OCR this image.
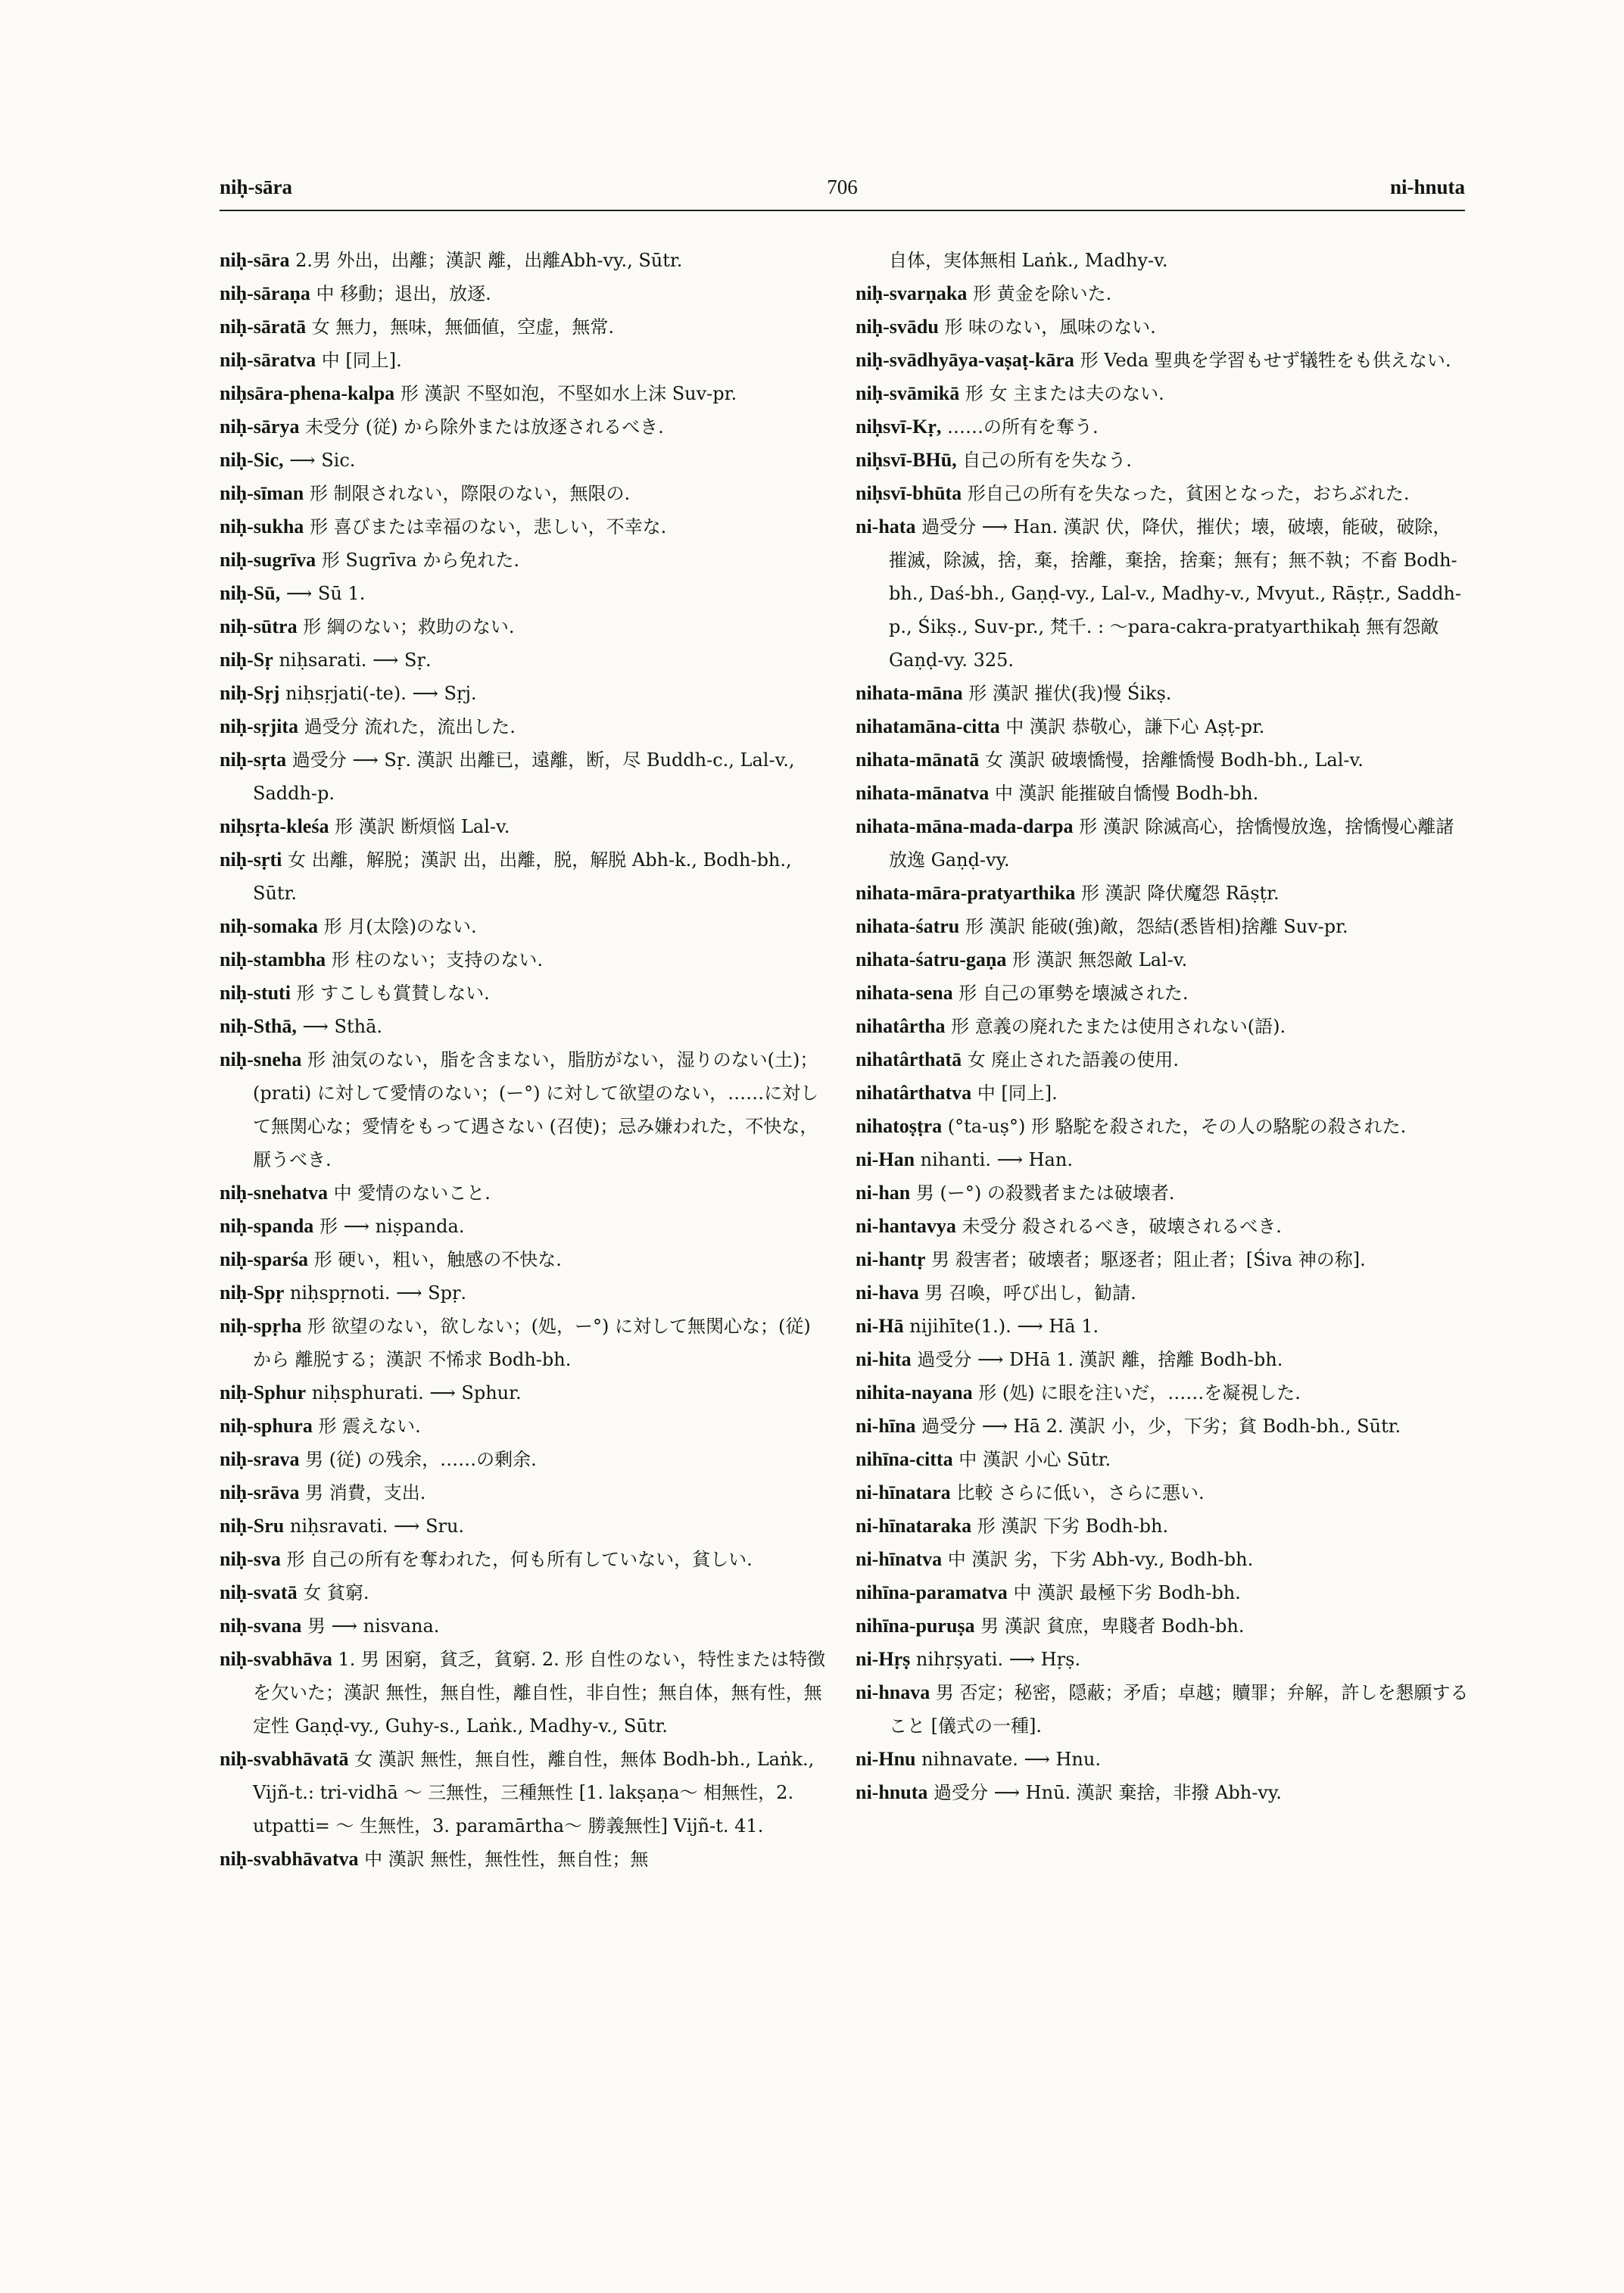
niḥ-sāra	706	ni-hnuta

niḥ-sāra 2.男 外出，出離；漢訳 離，出離Abh-vy., Sūtr.

niḥ-sāraṇa 中 移動；退出，放逐.

niḥ-sāratā 女 無力，無味，無価値，空虚，無常.

niḥ-sāratva 中 [同上].

niḥsāra-phena-kalpa 形 漢訳 不堅如泡，不堅如水上沫 Suv-pr.

niḥ-sārya 未受分 (従) から除外または放逐されるべき.

niḥ-Sic, ⟶ Sic.

niḥ-sīman 形 制限されない，際限のない，無限の.

niḥ-sukha 形 喜びまたは幸福のない，悲しい，不幸な.

niḥ-sugrīva 形 Sugrīva から免れた.

niḥ-Sū, ⟶ Sū 1.

niḥ-sūtra 形 綱のない；救助のない.

niḥ-Sṛ niḥsarati. ⟶ Sṛ.

niḥ-Sṛj niḥsṛjati(-te). ⟶ Sṛj.

niḥ-sṛjita 過受分 流れた，流出した.

niḥ-sṛta 過受分 ⟶ Sṛ. 漢訳 出離已，遠離，断，尽 Buddh-c., Lal-v., Saddh-p.

niḥsṛta-kleśa 形 漢訳 断煩悩 Lal-v.

niḥ-sṛti 女 出離，解脱；漢訳 出，出離，脱，解脱 Abh-k., Bodh-bh., Sūtr.

niḥ-somaka 形 月(太陰)のない.

niḥ-stambha 形 柱のない；支持のない.

niḥ-stuti 形 すこしも賞賛しない.

niḥ-Sthā, ⟶ Sthā.

niḥ-sneha 形 油気のない，脂を含まない，脂肪がない，湿りのない(土)；(prati) に対して愛情のない；(ー°) に対して欲望のない，……に対して無関心な；愛情をもって遇さない (召使)；忌み嫌われた，不快な，厭うべき.

niḥ-snehatva 中 愛情のないこと.

niḥ-spanda 形 ⟶ niṣpanda.

niḥ-sparśa 形 硬い，粗い，触感の不快な.

niḥ-Spṛ niḥspṛnoti. ⟶ Spṛ.

niḥ-spṛha 形 欲望のない，欲しない；(処，ー°) に対して無関心な；(従) から 離脱する；漢訳 不悕求 Bodh-bh.

niḥ-Sphur niḥsphurati. ⟶ Sphur.

niḥ-sphura 形 震えない.

niḥ-srava 男 (従) の残余，……の剰余.

niḥ-srāva 男 消費，支出.

niḥ-Sru niḥsravati. ⟶ Sru.

niḥ-sva 形 自己の所有を奪われた，何も所有していない，貧しい.

niḥ-svatā 女 貧窮.

niḥ-svana 男 ⟶ nisvana.

niḥ-svabhāva 1. 男 困窮，貧乏，貧窮. 2. 形 自性のない，特性または特徴を欠いた；漢訳 無性，無自性，離自性，非自性；無自体，無有性，無定性 Gaṇḍ-vy., Guhy-s., Laṅk., Madhy-v., Sūtr.

niḥ-svabhāvatā 女 漢訳 無性，無自性，離自性，無体 Bodh-bh., Laṅk., Vijñ-t.: tri-vidhā ～ 三無性，三種無性 [1. lakṣaṇa～ 相無性，2. utpatti= ～ 生無性，3. paramārtha～ 勝義無性] Vijñ-t. 41.

niḥ-svabhāvatva 中 漢訳 無性，無性性，無自性；無

自体，実体無相 Laṅk., Madhy-v.

niḥ-svarṇaka 形 黄金を除いた.

niḥ-svādu 形 味のない，風味のない.

niḥ-svādhyāya-vaṣaṭ-kāra 形 Veda 聖典を学習もせず犠牲をも供えない.

niḥ-svāmikā 形 女 主または夫のない.

niḥsvī-Kṛ, ……の所有を奪う.

niḥsvī-BHū, 自己の所有を失なう.

niḥsvī-bhūta 形自己の所有を失なった，貧困となった，おちぶれた.

ni-hata 過受分 ⟶ Han. 漢訳 伏，降伏，摧伏；壊，破壊，能破，破除，摧滅，除滅，捨，棄，捨離，棄捨，捨棄；無有；無不執；不畜 Bodh-bh., Daś-bh., Gaṇḍ-vy., Lal-v., Madhy-v., Mvyut., Rāṣṭr., Saddh-p., Śikṣ., Suv-pr., 梵千. : ～para-cakra-pratyarthikaḥ 無有怨敵 Gaṇḍ-vy. 325.

nihata-māna 形 漢訳 摧伏(我)慢 Śikṣ.

nihatamāna-citta 中 漢訳 恭敬心，謙下心 Aṣṭ-pr.

nihata-mānatā 女 漢訳 破壊憍慢，捨離憍慢 Bodh-bh., Lal-v.

nihata-mānatva 中 漢訳 能摧破自憍慢 Bodh-bh.

nihata-māna-mada-darpa 形 漢訳 除滅高心，捨憍慢放逸，捨憍慢心離諸放逸 Gaṇḍ-vy.

nihata-māra-pratyarthika 形 漢訳 降伏魔怨 Rāṣṭr.

nihata-śatru 形 漢訳 能破(強)敵，怨結(悉皆相)捨離 Suv-pr.

nihata-śatru-gaṇa 形 漢訳 無怨敵 Lal-v.

nihata-sena 形 自己の軍勢を壊滅された.

nihatârtha 形 意義の廃れたまたは使用されない(語).

nihatârthatā 女 廃止された語義の使用.

nihatârthatva 中 [同上].

nihatoṣṭra (°ta-uṣ°) 形 駱駝を殺された，その人の駱駝の殺された.

ni-Han nihanti. ⟶ Han.

ni-han 男 (ー°) の殺戮者または破壊者.

ni-hantavya 未受分 殺されるべき，破壊されるべき.

ni-hantṛ 男 殺害者；破壊者；駆逐者；阻止者；[Śiva 神の称].

ni-hava 男 召喚，呼び出し，勧請.

ni-Hā nijihīte(1.). ⟶ Hā 1.

ni-hita 過受分 ⟶ DHā 1. 漢訳 離，捨離 Bodh-bh.

nihita-nayana 形 (処) に眼を注いだ，……を凝視した.

ni-hīna 過受分 ⟶ Hā 2. 漢訳 小，少，下劣；貧 Bodh-bh., Sūtr.

nihīna-citta 中 漢訳 小心 Sūtr.

ni-hīnatara 比較 さらに低い，さらに悪い.

ni-hīnataraka 形 漢訳 下劣 Bodh-bh.

ni-hīnatva 中 漢訳 劣，下劣 Abh-vy., Bodh-bh.

nihīna-paramatva 中 漢訳 最極下劣 Bodh-bh.

nihīna-puruṣa 男 漢訳 貧庶，卑賤者 Bodh-bh.

ni-Hṛṣ nihṛṣyati. ⟶ Hṛṣ.

ni-hnava 男 否定；秘密，隠蔽；矛盾；卓越；贖罪；弁解，許しを懇願すること [儀式の一種].

ni-Hnu nihnavate. ⟶ Hnu.

ni-hnuta 過受分 ⟶ Hnū. 漢訳 棄捨，非撥 Abh-vy.
